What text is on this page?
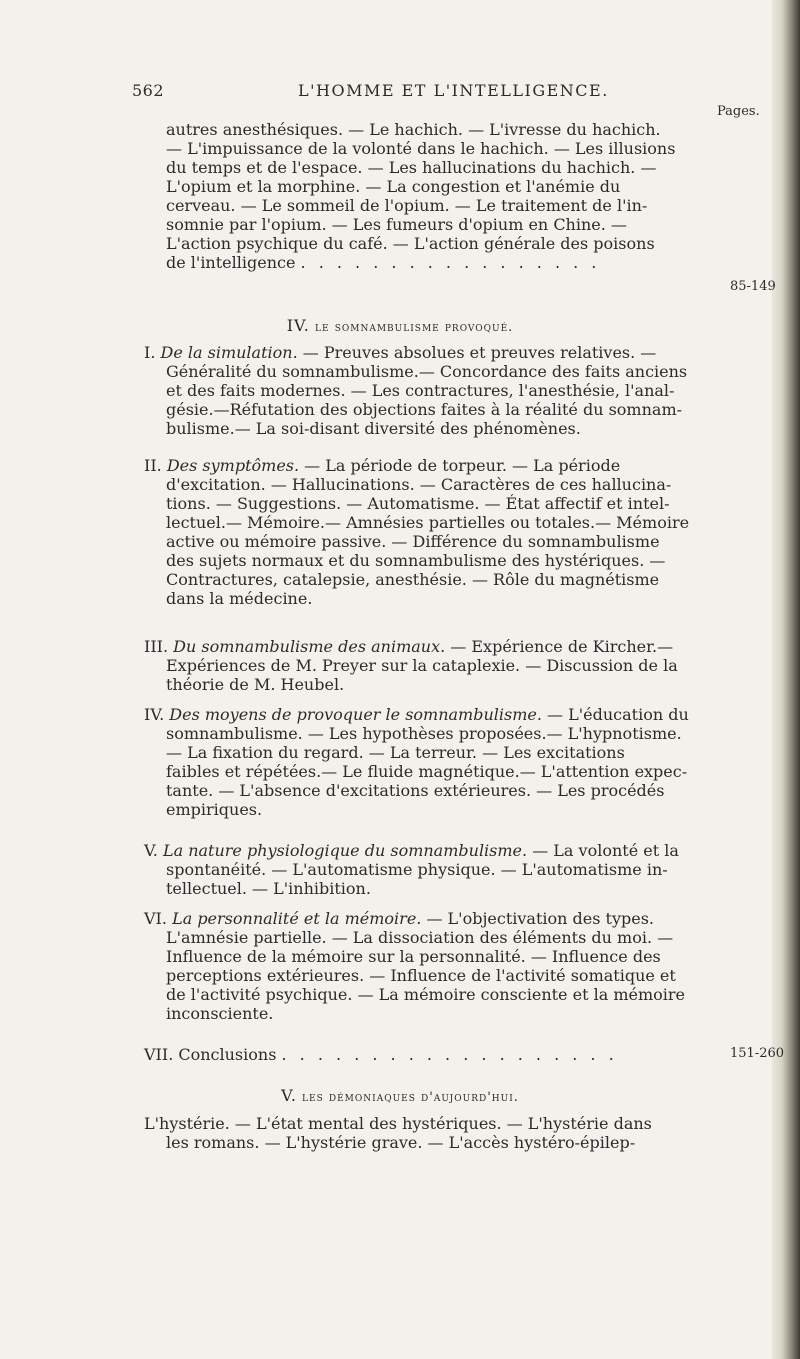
562	L'HOMME ET L'INTELLIGENCE.
Pages.
autres anesthésiques. — Le hachich. — L'ivresse du hachich.
— L'impuissance de la volonté dans le hachich. — Les illusions
du temps et de l'espace. — Les hallucinations du hachich. —
L'opium et la morphine. — La congestion et l'anémie du
cerveau. — Le sommeil de l'opium. — Le traitement de l'in-
somnie par l'opium. — Les fumeurs d'opium en Chine. —
L'action psychique du café. — L'action générale des poisons
de l'intelligence . . . . . . . . . . . . . . . . .
85-149
IV. le somnambulisme provoqué.
I. De la simulation. — Preuves absolues et preuves relatives. —
Généralité du somnambulisme.— Concordance des faits anciens
et des faits modernes. — Les contractures, l'anesthésie, l'anal-
gésie.—Réfutation des objections faites à la réalité du somnam-
bulisme.— La soi-disant diversité des phénomènes.
II. Des symptômes. — La période de torpeur. — La période
d'excitation. — Hallucinations. — Caractères de ces hallucina-
tions. — Suggestions. — Automatisme. — État affectif et intel-
lectuel.— Mémoire.— Amnésies partielles ou totales.— Mémoire
active ou mémoire passive. — Différence du somnambulisme
des sujets normaux et du somnambulisme des hystériques. —
Contractures, catalepsie, anesthésie. — Rôle du magnétisme
dans la médecine.
III. Du somnambulisme des animaux. — Expérience de Kircher.—
Expériences de M. Preyer sur la cataplexie. — Discussion de la
théorie de M. Heubel.
IV. Des moyens de provoquer le somnambulisme. — L'éducation du
somnambulisme. — Les hypothèses proposées.— L'hypnotisme.
— La fixation du regard. — La terreur. — Les excitations
faibles et répétées.— Le fluide magnétique.— L'attention expec-
tante. — L'absence d'excitations extérieures. — Les procédés
empiriques.
V. La nature physiologique du somnambulisme. — La volonté et la
spontanéité. — L'automatisme physique. — L'automatisme in-
tellectuel. — L'inhibition.
VI. La personnalité et la mémoire. — L'objectivation des types.
L'amnésie partielle. — La dissociation des éléments du moi. —
Influence de la mémoire sur la personnalité. — Influence des
perceptions extérieures. — Influence de l'activité somatique et
de l'activité psychique. — La mémoire consciente et la mémoire
inconsciente.
VII. Conclusions . . . . . . . . . . . . . . . . . . .	151-260
V. les démoniaques d'aujourd'hui.
L'hystérie. — L'état mental des hystériques. — L'hystérie dans
les romans. — L'hystérie grave. — L'accès hystéro-épilep-
